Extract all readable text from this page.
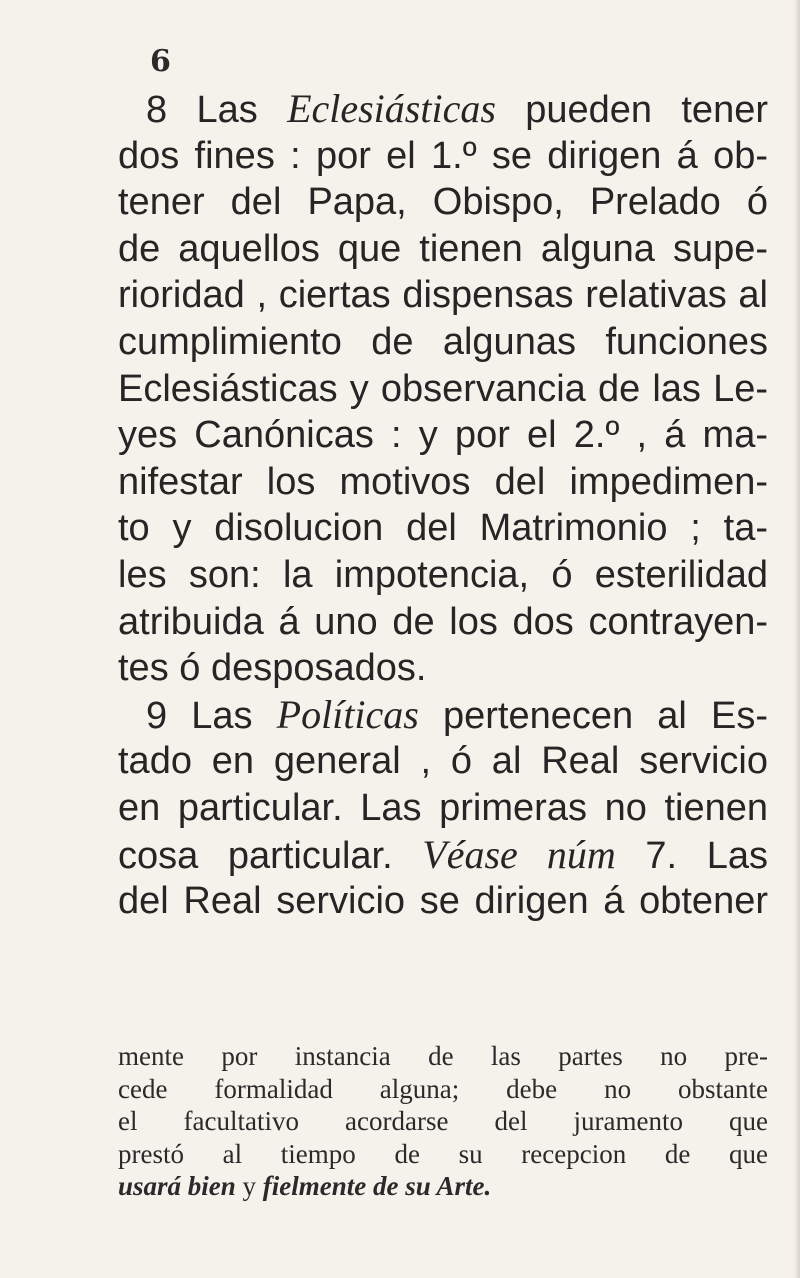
6
8 Las Eclesiásticas pueden tener
dos fines : por el 1.º se dirigen á ob-
tener del Papa, Obispo, Prelado ó
de aquellos que tienen alguna supe-
rioridad , ciertas dispensas relativas al
cumplimiento de algunas funciones
Eclesiásticas y observancia de las Le-
yes Canónicas : y por el 2.º , á ma-
nifestar los motivos del impedimen-
to y disolucion del Matrimonio ; ta-
les son: la impotencia, ó esterilidad
atribuida á uno de los dos contrayen-
tes ó desposados.
9 Las Políticas pertenecen al Es-
tado en general , ó al Real servicio
en particular. Las primeras no tienen
cosa particular. Véase núm 7. Las
del Real servicio se dirigen á obtener
mente por instancia de las partes no pre-
cede formalidad alguna; debe no obstante
el facultativo acordarse del juramento que
prestó al tiempo de su recepcion de que
usará bien y fielmente de su Arte.
